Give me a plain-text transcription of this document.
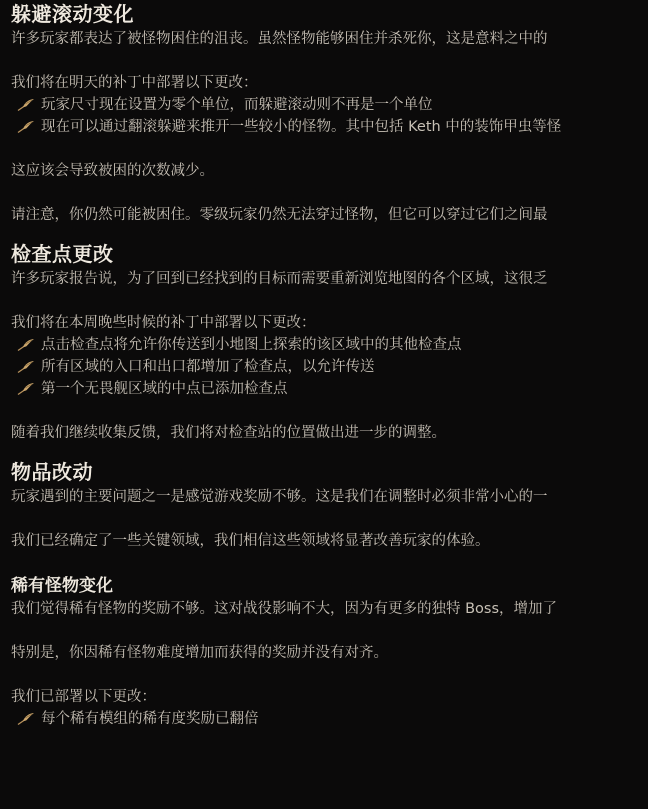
躲避滚动变化
许多玩家都表达了被怪物困住的沮丧。虽然怪物能够困住并杀死你，这是意料之中的
我们将在明天的补丁中部署以下更改：
玩家尺寸现在设置为零个单位，而躲避滚动则不再是一个单位
现在可以通过翻滚躲避来推开一些较小的怪物。其中包括 Keth 中的装饰甲虫等怪
这应该会导致被困的次数减少。
请注意，你仍然可能被困住。零级玩家仍然无法穿过怪物，但它可以穿过它们之间最
检查点更改
许多玩家报告说，为了回到已经找到的目标而需要重新浏览地图的各个区域，这很乏
我们将在本周晚些时候的补丁中部署以下更改：
点击检查点将允许你传送到小地图上探索的该区域中的其他检查点
所有区域的入口和出口都增加了检查点，以允许传送
第一个无畏舰区域的中点已添加检查点
随着我们继续收集反馈，我们将对检查站的位置做出进一步的调整。
物品改动
玩家遇到的主要问题之一是感觉游戏奖励不够。这是我们在调整时必须非常小心的一
我们已经确定了一些关键领域，我们相信这些领域将显著改善玩家的体验。
稀有怪物变化
我们觉得稀有怪物的奖励不够。这对战役影响不大，因为有更多的独特 Boss，增加了
特别是，你因稀有怪物难度增加而获得的奖励并没有对齐。
我们已部署以下更改：
每个稀有模组的稀有度奖励已翻倍
